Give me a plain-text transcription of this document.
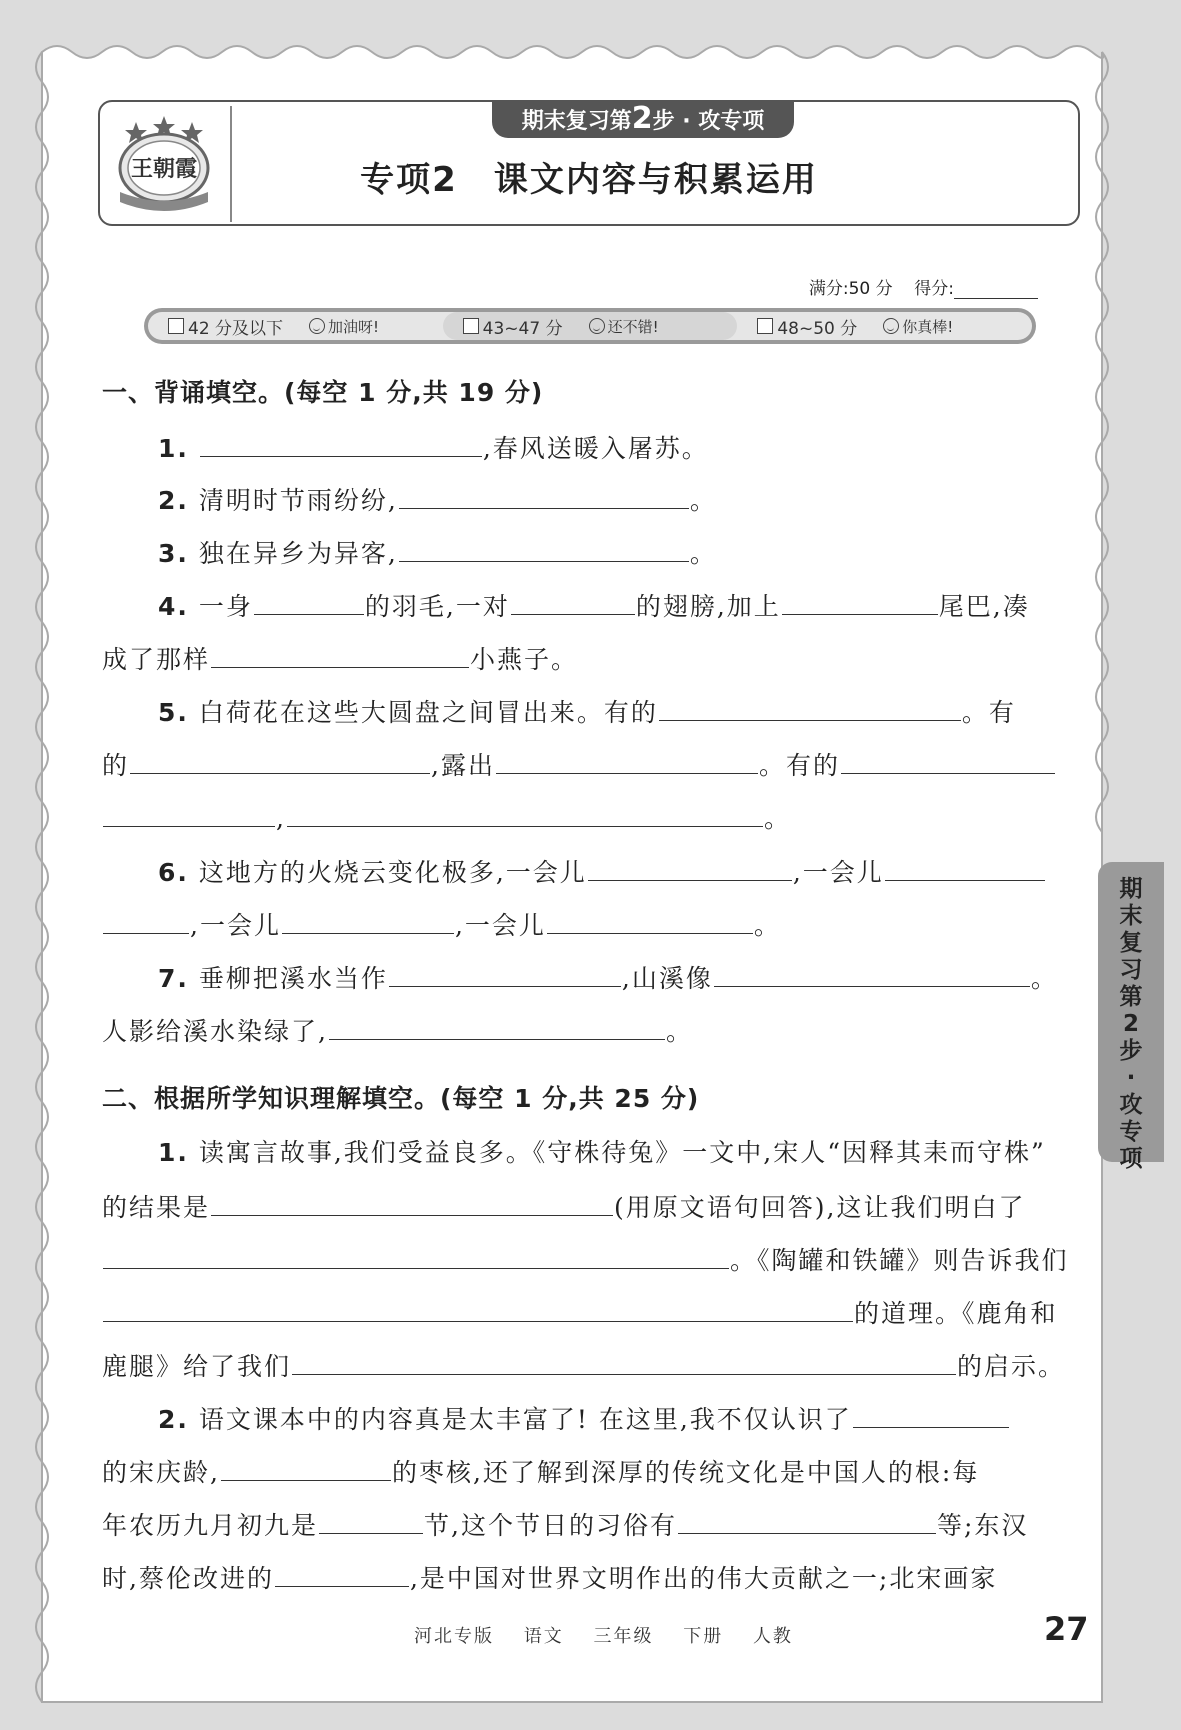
王朝霞
期末复习第2步 · 攻专项
专项2　课文内容与积累运用
满分:50 分 得分:
42 分及以下	加油呀!	43~47 分	还不错!	48~50 分	你真棒!
一、背诵填空。(每空 1 分,共 19 分)
1.	,春风送暖入屠苏。
2. 清明时节雨纷纷,	。
3. 独在异乡为异客,	。
4. 一身	的羽毛,一对	的翅膀,加上	尾巴,凑
成了那样	小燕子。
5. 白荷花在这些大圆盘之间冒出来。有的	。有
的	,露出	。有的
,	。
6. 这地方的火烧云变化极多,一会儿	,一会儿
,一会儿	,一会儿	。
7. 垂柳把溪水当作	,山溪像	。
人影给溪水染绿了,	。
二、根据所学知识理解填空。(每空 1 分,共 25 分)
1. 读寓言故事,我们受益良多。《守株待兔》一文中,宋人“因释其耒而守株”
的结果是	(用原文语句回答),这让我们明白了
。《陶罐和铁罐》则告诉我们
的道理。《鹿角和
2. 语文课本中的内容真是太丰富了! 在这里,我不仅认识了
的宋庆龄,	的枣核,还了解到深厚的传统文化是中国人的根:每
年农历九月初九是	节,这个节日的习俗有	等;东汉
时,蔡伦改进的	,是中国对世界文明作出的伟大贡献之一;北宋画家
鹿腿》给了我们	的启示。
期末复习第2步·攻专项
河北专版 语文 三年级 下册 人教	27
